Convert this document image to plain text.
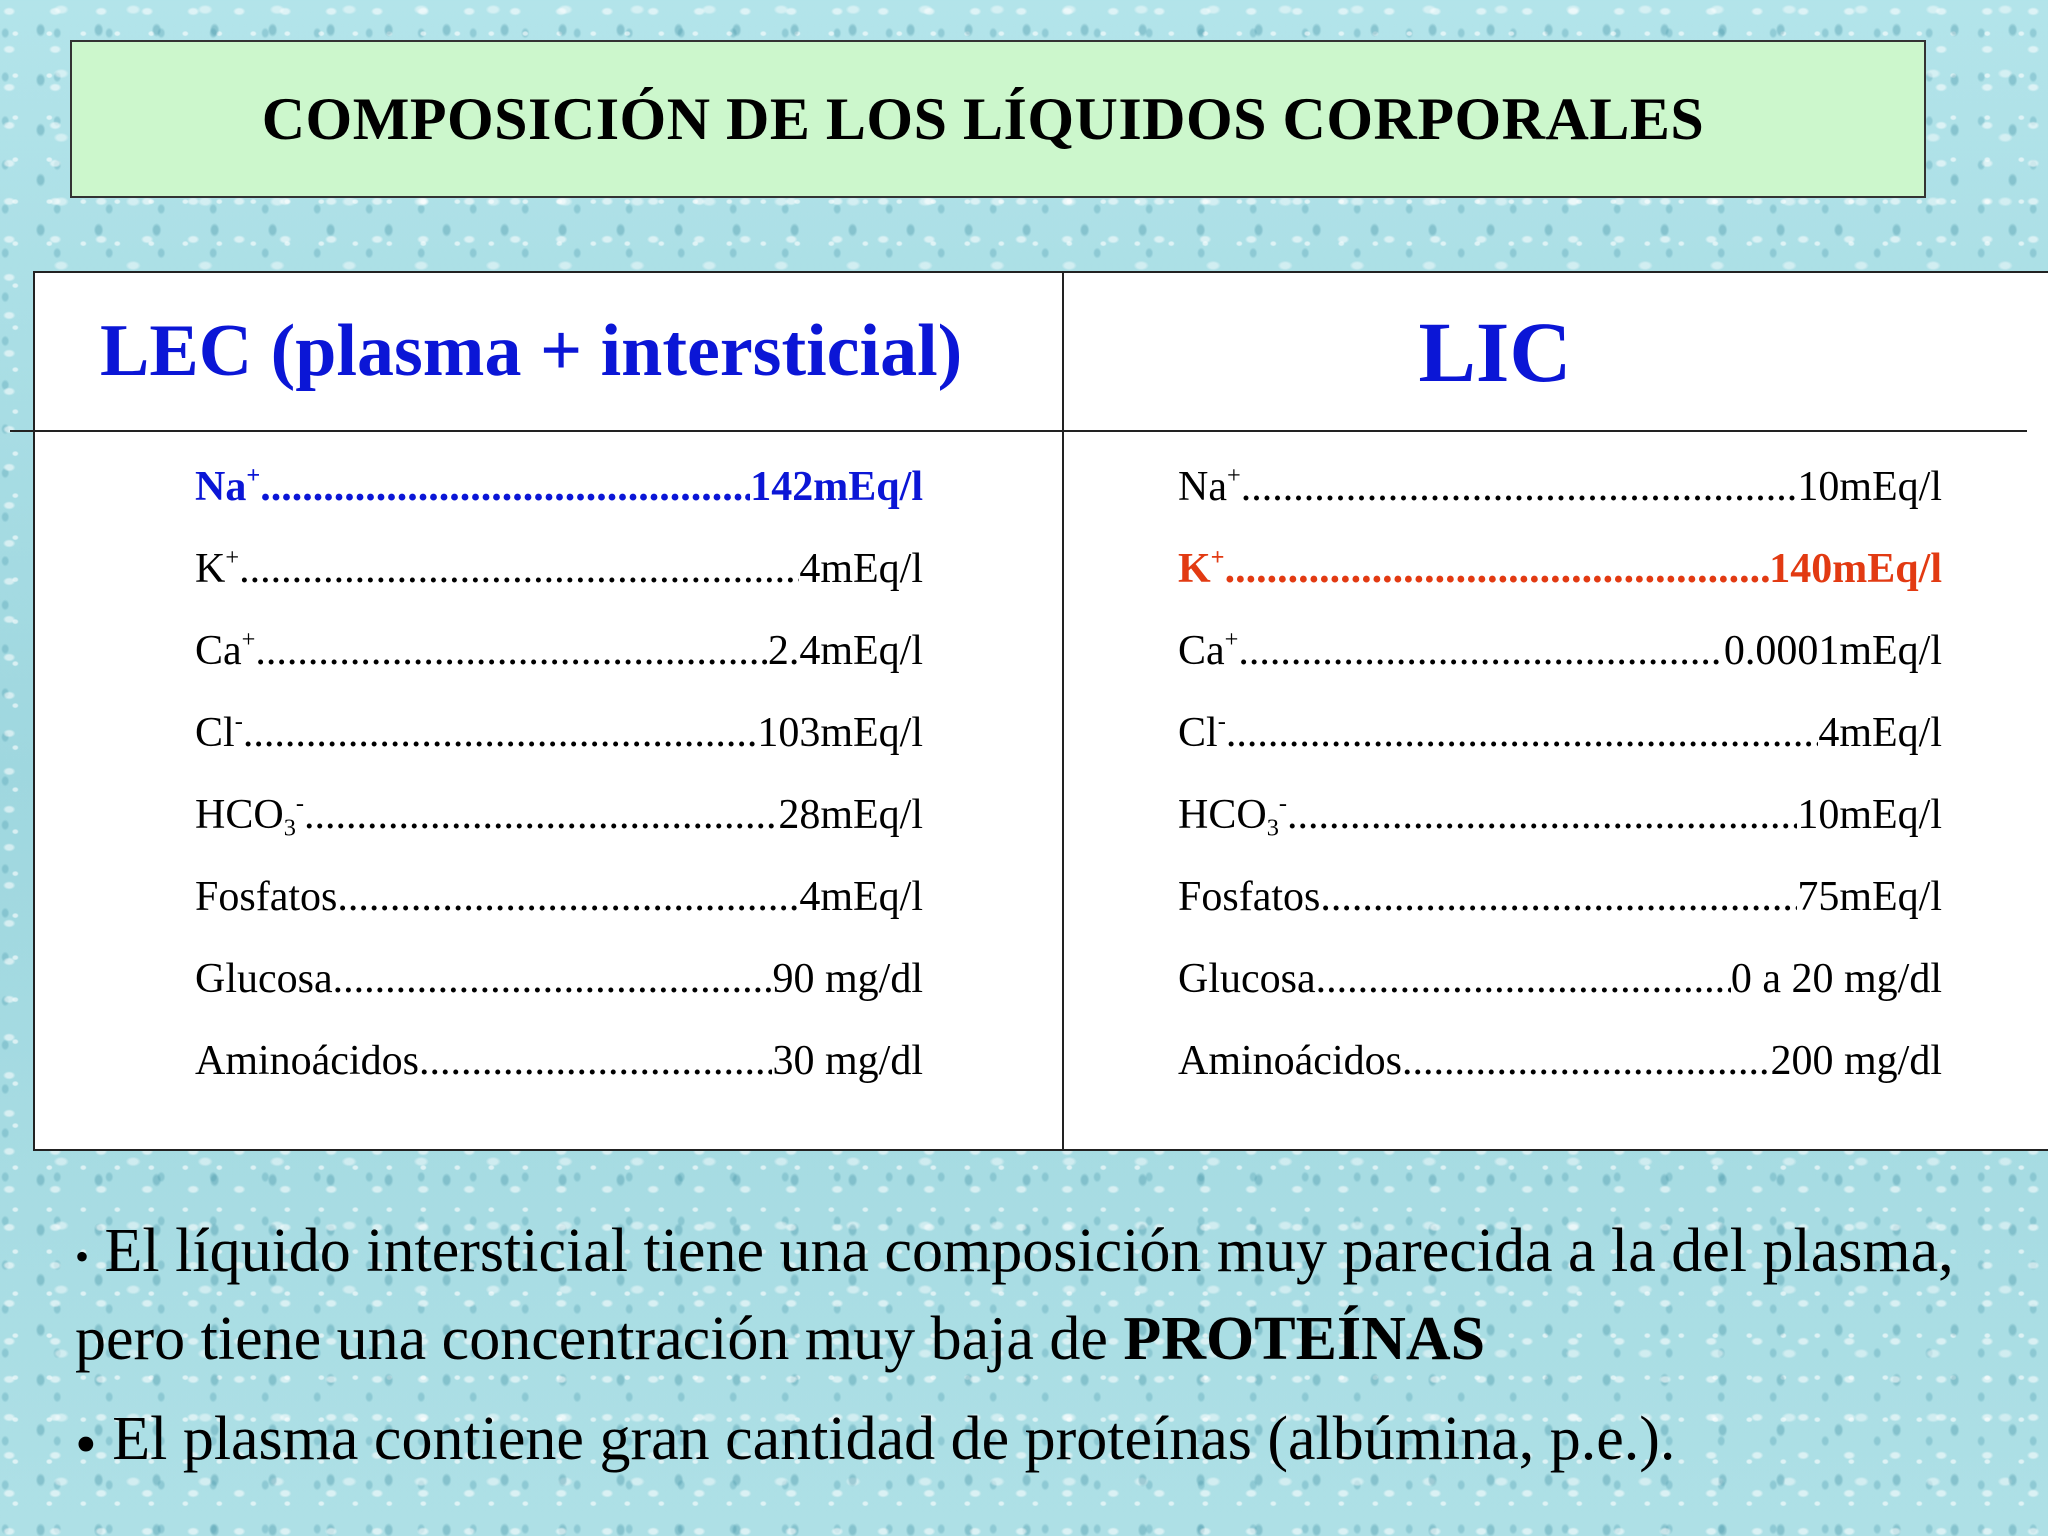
COMPOSICIÓN DE LOS LÍQUIDOS CORPORALES
LEC (plasma + intersticial)	LIC
Na+ .....	142mEq/l
K+ .....	4mEq/l
Ca+ .....	2.4mEq/l
Cl- .....	103mEq/l
$HCO_3^-$ .....	28mEq/l
Fosfatos .....	4mEq/l
Glucosa .....	90 mg/dl
Aminoácidos .....	30 mg/dl
Na+ .....	10mEq/l
K+ .....	140mEq/l
Ca+ .....	0.0001mEq/l
Cl- .....	4mEq/l
$HCO_3^-$ .....	10mEq/l
Fosfatos .....	75mEq/l
Glucosa .....	0 a 20 mg/dl
Aminoácidos .....	200 mg/dl

• El líquido intersticial tiene una composición muy parecida a la del plasma, pero tiene una concentración muy baja de PROTEÍNAS

• El plasma contiene gran cantidad de proteínas (albúmina, p.e.).
